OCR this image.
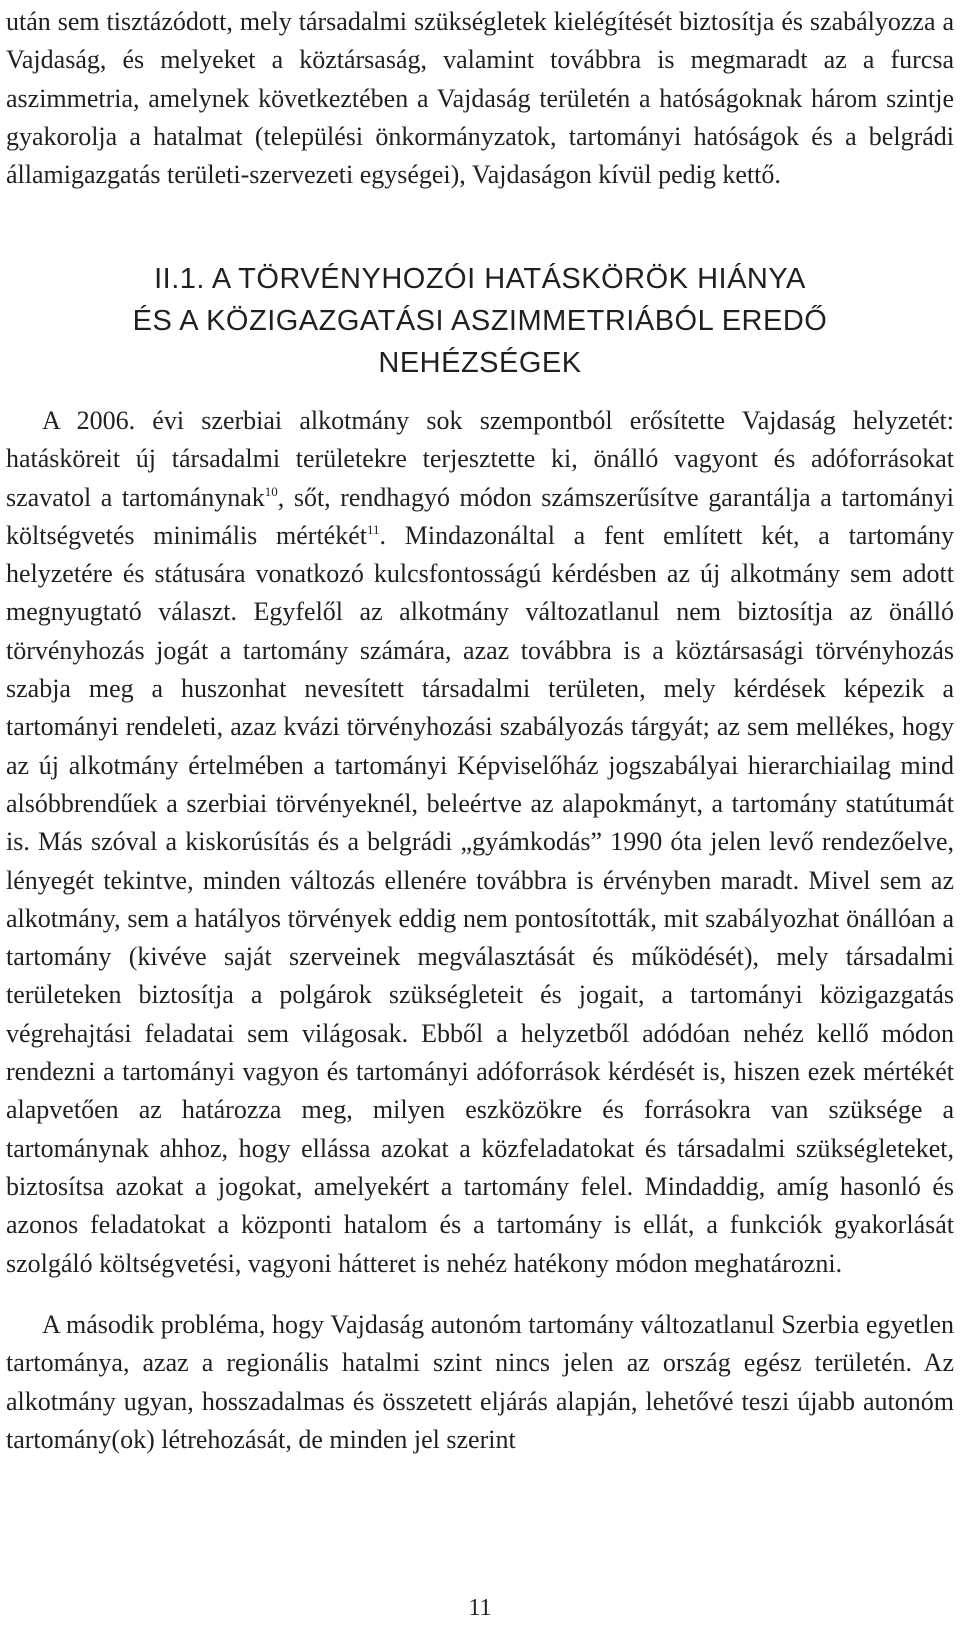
után sem tisztázódott, mely társadalmi szükségletek kielégítését biztosítja és szabályozza a Vajdaság, és melyeket a köztársaság, valamint továbbra is megmaradt az a furcsa aszimmetria, amelynek következtében a Vajdaság területén a hatóságoknak három szintje gyakorolja a hatalmat (települési önkormányzatok, tartományi hatóságok és a belgrádi államigazgatás területi-szervezeti egységei), Vajdaságon kívül pedig kettő.

II.1. A TÖRVÉNYHOZÓI HATÁSKÖRÖK HIÁNYA
ÉS A KÖZIGAZGATÁSI ASZIMMETRIÁBÓL EREDŐ
NEHÉZSÉGEK

A 2006. évi szerbiai alkotmány sok szempontból erősítette Vajdaság helyzetét: hatásköreit új társadalmi területekre terjesztette ki, önálló vagyont és adóforrásokat szavatol a tartománynak$^{10}$, sőt, rendhagyó módon számszerűsítve garantálja a tartományi költségvetés minimális mértékét$^{11}$. Mindazonáltal a fent említett két, a tartomány helyzetére és státusára vonatkozó kulcsfontosságú kérdésben az új alkotmány sem adott megnyugtató választ. Egyfelől az alkotmány változatlanul nem biztosítja az önálló törvényhozás jogát a tartomány számára, azaz továbbra is a köztársasági törvényhozás szabja meg a huszonhat nevesített társadalmi területen, mely kérdések képezik a tartományi rendeleti, azaz kvázi törvényhozási szabályozás tárgyát; az sem mellékes, hogy az új alkotmány értelmében a tartományi Képviselőház jogszabályai hierarchiailag mind alsóbbrendűek a szerbiai törvényeknél, beleértve az alapokmányt, a tartomány statútumát is. Más szóval a kiskorúsítás és a belgrádi „gyámkodás” 1990 óta jelen levő rendezőelve, lényegét tekintve, minden változás ellenére továbbra is érvényben maradt. Mivel sem az alkotmány, sem a hatályos törvények eddig nem pontosították, mit szabályozhat önállóan a tartomány (kivéve saját szerveinek megválasztását és működését), mely társadalmi területeken biztosítja a polgárok szükségleteit és jogait, a tartományi közigazgatás végrehajtási feladatai sem világosak. Ebből a helyzetből adódóan nehéz kellő módon rendezni a tartományi vagyon és tartományi adóforrások kérdését is, hiszen ezek mértékét alapvetően az határozza meg, milyen eszközökre és forrásokra van szüksége a tartománynak ahhoz, hogy ellássa azokat a közfeladatokat és társadalmi szükségleteket, biztosítsa azokat a jogokat, amelyekért a tartomány felel. Mindaddig, amíg hasonló és azonos feladatokat a központi hatalom és a tartomány is ellát, a funkciók gyakorlását szolgáló költségvetési, vagyoni hátteret is nehéz hatékony módon meghatározni.

A második probléma, hogy Vajdaság autonóm tartomány változatlanul Szerbia egyetlen tartománya, azaz a regionális hatalmi szint nincs jelen az ország egész területén. Az alkotmány ugyan, hosszadalmas és összetett eljárás alapján, lehetővé teszi újabb autonóm tartomány(ok) létrehozását, de minden jel szerint

11
